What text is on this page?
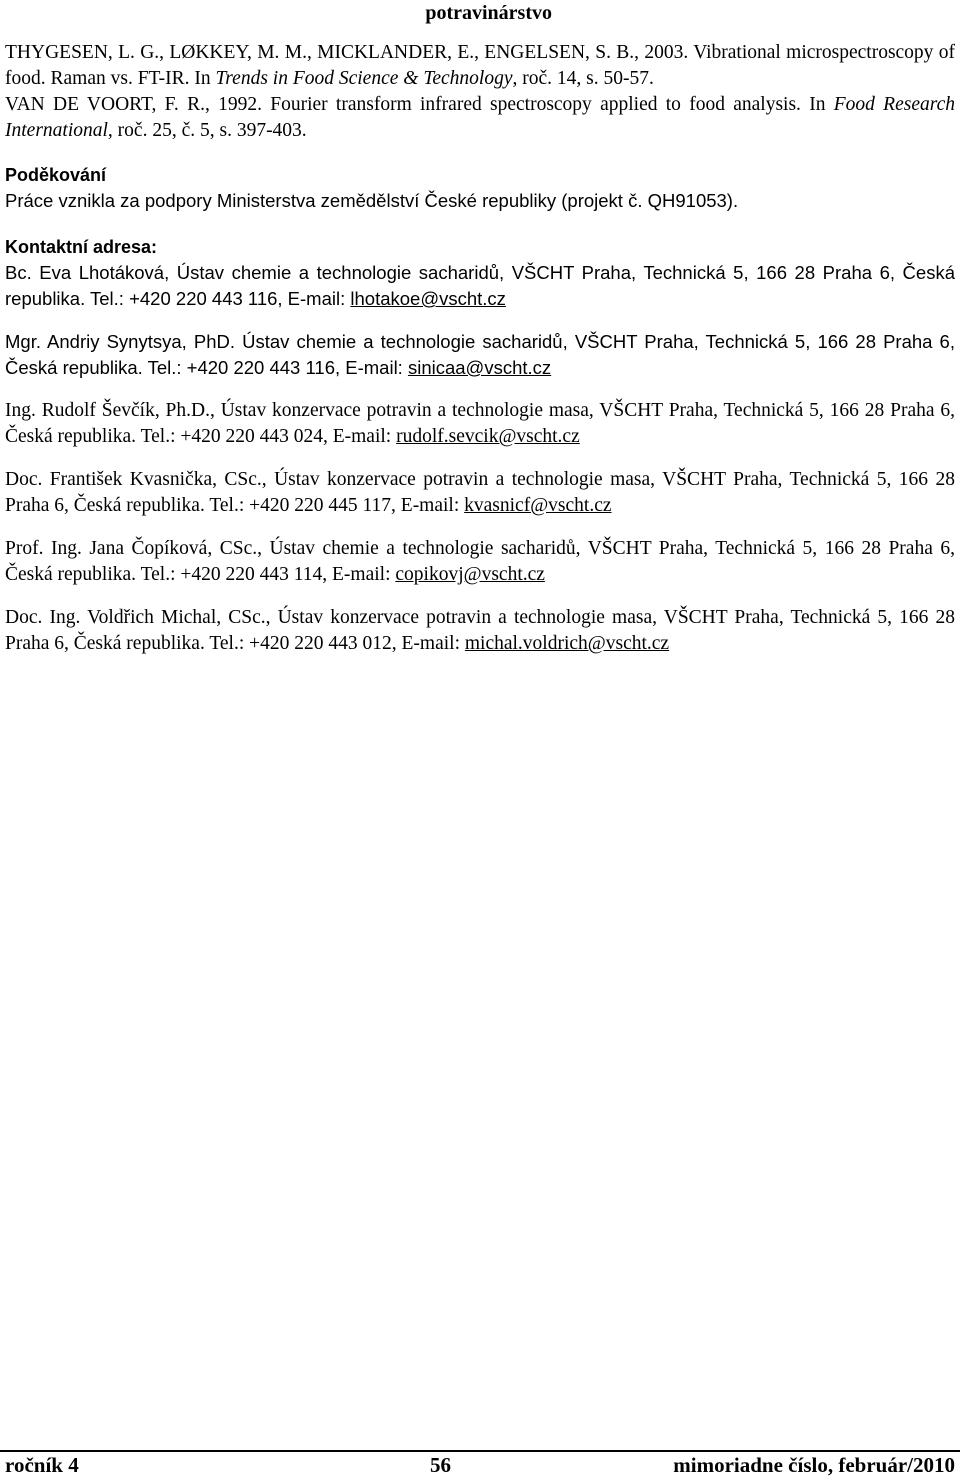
potravinárstvo

THYGESEN, L. G., LØKKEY, M. M., MICKLANDER, E., ENGELSEN, S. B., 2003. Vibrational microspectroscopy of food. Raman vs. FT-IR. In Trends in Food Science & Technology, roč. 14, s. 50-57.

VAN DE VOORT, F. R., 1992. Fourier transform infrared spectroscopy applied to food analysis. In Food Research International, roč. 25, č. 5, s. 397-403.

Poděkování

Práce vznikla za podpory Ministerstva zemědělství České republiky (projekt č. QH91053).

Kontaktní adresa:

Bc. Eva Lhotáková, Ústav chemie a technologie sacharidů, VŠCHT Praha, Technická 5, 166 28 Praha 6, Česká republika. Tel.: +420 220 443 116, E-mail: lhotakoe@vscht.cz

Mgr. Andriy Synytsya, PhD. Ústav chemie a technologie sacharidů, VŠCHT Praha, Technická 5, 166 28 Praha 6, Česká republika. Tel.: +420 220 443 116, E-mail: sinicaa@vscht.cz

Ing. Rudolf Ševčík, Ph.D., Ústav konzervace potravin a technologie masa, VŠCHT Praha, Technická 5, 166 28 Praha 6, Česká republika. Tel.: +420 220 443 024, E-mail: rudolf.sevcik@vscht.cz

Doc. František Kvasnička, CSc., Ústav konzervace potravin a technologie masa, VŠCHT Praha, Technická 5, 166 28 Praha 6, Česká republika. Tel.: +420 220 445 117, E-mail: kvasnicf@vscht.cz

Prof. Ing. Jana Čopíková, CSc., Ústav chemie a technologie sacharidů, VŠCHT Praha, Technická 5, 166 28 Praha 6, Česká republika. Tel.: +420 220 443 114, E-mail: copikovj@vscht.cz

Doc. Ing. Voldřich Michal, CSc., Ústav konzervace potravin a technologie masa, VŠCHT Praha, Technická 5, 166 28 Praha 6, Česká republika. Tel.: +420 220 443 012, E-mail: michal.voldrich@vscht.cz

ročník 4	56	mimoriadne číslo, február/2010
